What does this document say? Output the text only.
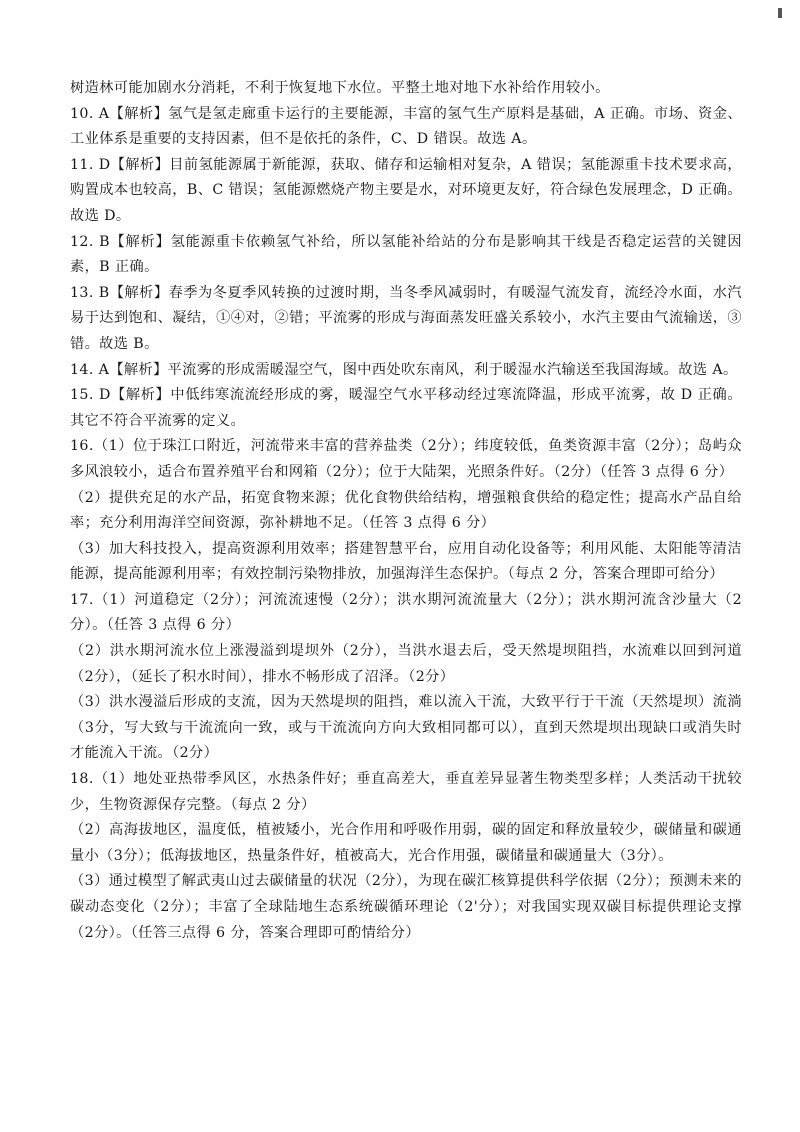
树造林可能加剧水分消耗，不利于恢复地下水位。平整土地对地下水补给作用较小。

10. A【解析】氢气是氢走廊重卡运行的主要能源，丰富的氢气生产原料是基础，A 正确。市场、资金、工业体系是重要的支持因素，但不是依托的条件，C、D 错误。故选 A。

11. D【解析】目前氢能源属于新能源，获取、储存和运输相对复杂，A 错误；氢能源重卡技术要求高，购置成本也较高，B、C 错误；氢能源燃烧产物主要是水，对环境更友好，符合绿色发展理念，D 正确。故选 D。

12. B【解析】氢能源重卡依赖氢气补给，所以氢能补给站的分布是影响其干线是否稳定运营的关键因素，B 正确。

13. B【解析】春季为冬夏季风转换的过渡时期，当冬季风减弱时，有暖湿气流发育，流经冷水面，水汽易于达到饱和、凝结，①④对，②错；平流雾的形成与海面蒸发旺盛关系较小，水汽主要由气流输送，③错。故选 B。

14. A【解析】平流雾的形成需暖湿空气，图中西处吹东南风，利于暖湿水汽输送至我国海域。故选 A。

15. D【解析】中低纬寒流流经形成的雾，暖湿空气水平移动经过寒流降温，形成平流雾，故 D 正确。其它不符合平流雾的定义。

16.（1）位于珠江口附近，河流带来丰富的营养盐类（2分）；纬度较低，鱼类资源丰富（2分）；岛屿众多风浪较小，适合布置养殖平台和网箱（2分）；位于大陆架，光照条件好。（2分）（任答 3 点得 6 分）

（2）提供充足的水产品，拓宽食物来源；优化食物供给结构，增强粮食供给的稳定性；提高水产品自给率；充分利用海洋空间资源，弥补耕地不足。（任答 3 点得 6 分）

（3）加大科技投入，提高资源利用效率；搭建智慧平台，应用自动化设备等；利用风能、太阳能等清洁能源，提高能源利用率；有效控制污染物排放，加强海洋生态保护。（每点 2 分，答案合理即可给分）

17.（1）河道稳定（2分）；河流流速慢（2分）；洪水期河流流量大（2分）；洪水期河流含沙量大（2分）。（任答 3 点得 6 分）

（2）洪水期河流水位上涨漫溢到堤坝外（2分），当洪水退去后，受天然堤坝阻挡，水流难以回到河道（2分），（延长了积水时间），排水不畅形成了沼泽。（2分）

（3）洪水漫溢后形成的支流，因为天然堤坝的阻挡，难以流入干流，大致平行于干流（天然堤坝）流淌（3分，写大致与干流流向一致，或与干流流向方向大致相同都可以），直到天然堤坝出现缺口或消失时才能流入干流。（2分）

18.（1）地处亚热带季风区，水热条件好；垂直高差大，垂直差异显著生物类型多样；人类活动干扰较少，生物资源保存完整。（每点 2 分）

（2）高海拔地区，温度低，植被矮小，光合作用和呼吸作用弱，碳的固定和释放量较少，碳储量和碳通量小（3分）；低海拔地区，热量条件好，植被高大，光合作用强，碳储量和碳通量大（3分）。

（3）通过模型了解武夷山过去碳储量的状况（2分），为现在碳汇核算提供科学依据（2分）；预测未来的碳动态变化（2分）；丰富了全球陆地生态系统碳循环理论（2'分）；对我国实现双碳目标提供理论支撑（2分）。（任答三点得 6 分，答案合理即可酌情给分）
